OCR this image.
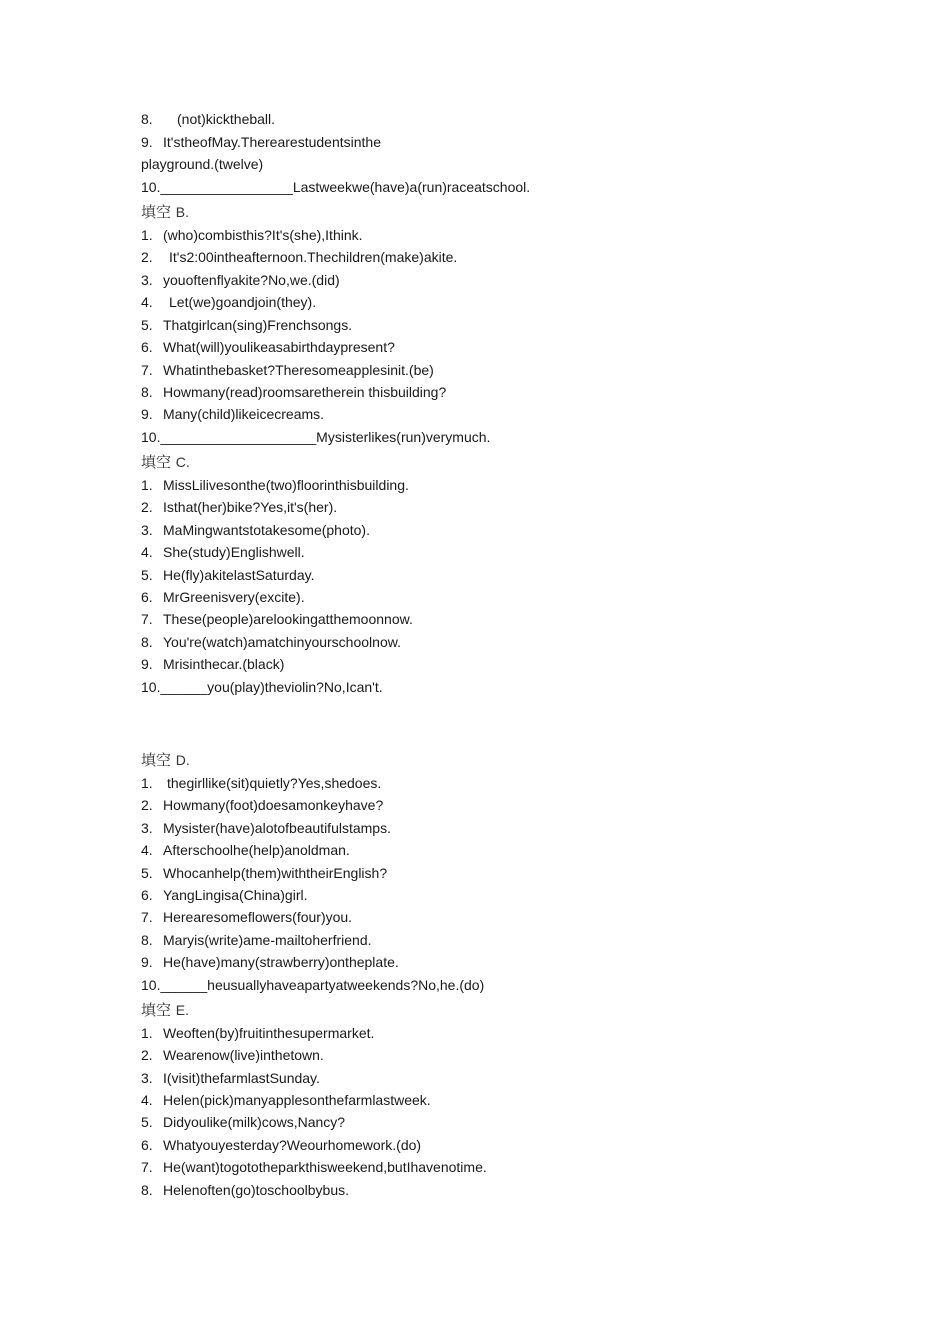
8. (not)kicktheball.
9. It'stheofMay.Therearestudentsinthe
playground.(twelve)
10._________________Lastweekwe(have)a(run)raceatschool.
填空 B.
1. (who)combisthis?It's(she),Ithink.
2. It's2:00intheafternoon.Thechildren(make)akite.
3. youoftenflyakite?No,we.(did)
4. Let(we)goandjoin(they).
5. Thatgirlcan(sing)Frenchsongs.
6. What(will)youlikeasabirthdaypresent?
7. Whatinthebasket?Theresomeapplesinit.(be)
8. Howmany(read)roomsaretherein thisbuilding?
9. Many(child)likeicecreams.
10.____________________Mysisterlikes(run)verymuch.
填空 C.
1. MissLilivesonthe(two)floorinthisbuilding.
2. Isthat(her)bike?Yes,it's(her).
3. MaMingwantstotakesome(photo).
4. She(study)Englishwell.
5. He(fly)akitelastSaturday.
6. MrGreenisvery(excite).
7. These(people)arelookingatthemoonnow.
8. You're(watch)amatchinyourschoolnow.
9. Mrisinthecar.(black)
10.______you(play)theviolin?No,Ican't.
填空 D.
1. thegirllike(sit)quietly?Yes,shedoes.
2. Howmany(foot)doesamonkeyhave?
3. Mysister(have)alotofbeautifulstamps.
4. Afterschoolhe(help)anoldman.
5. Whocanhelp(them)withtheirEnglish?
6. YangLingisa(China)girl.
7. Herearesomeflowers(four)you.
8. Maryis(write)ame-mailtoherfriend.
9. He(have)many(strawberry)ontheplate.
10.______heusuallyhaveapartyatweekends?No,he.(do)
填空 E.
1. Weoften(by)fruitinthesupermarket.
2. Wearenow(live)inthetown.
3. I(visit)thefarmlastSunday.
4. Helen(pick)manyapplesonthefarmlastweek.
5. Didyoulike(milk)cows,Nancy?
6. Whatyouyesterday?Weourhomework.(do)
7. He(want)togototheparkthisweekend,butIhavenotime.
8. Helenoften(go)toschoolbybus.
